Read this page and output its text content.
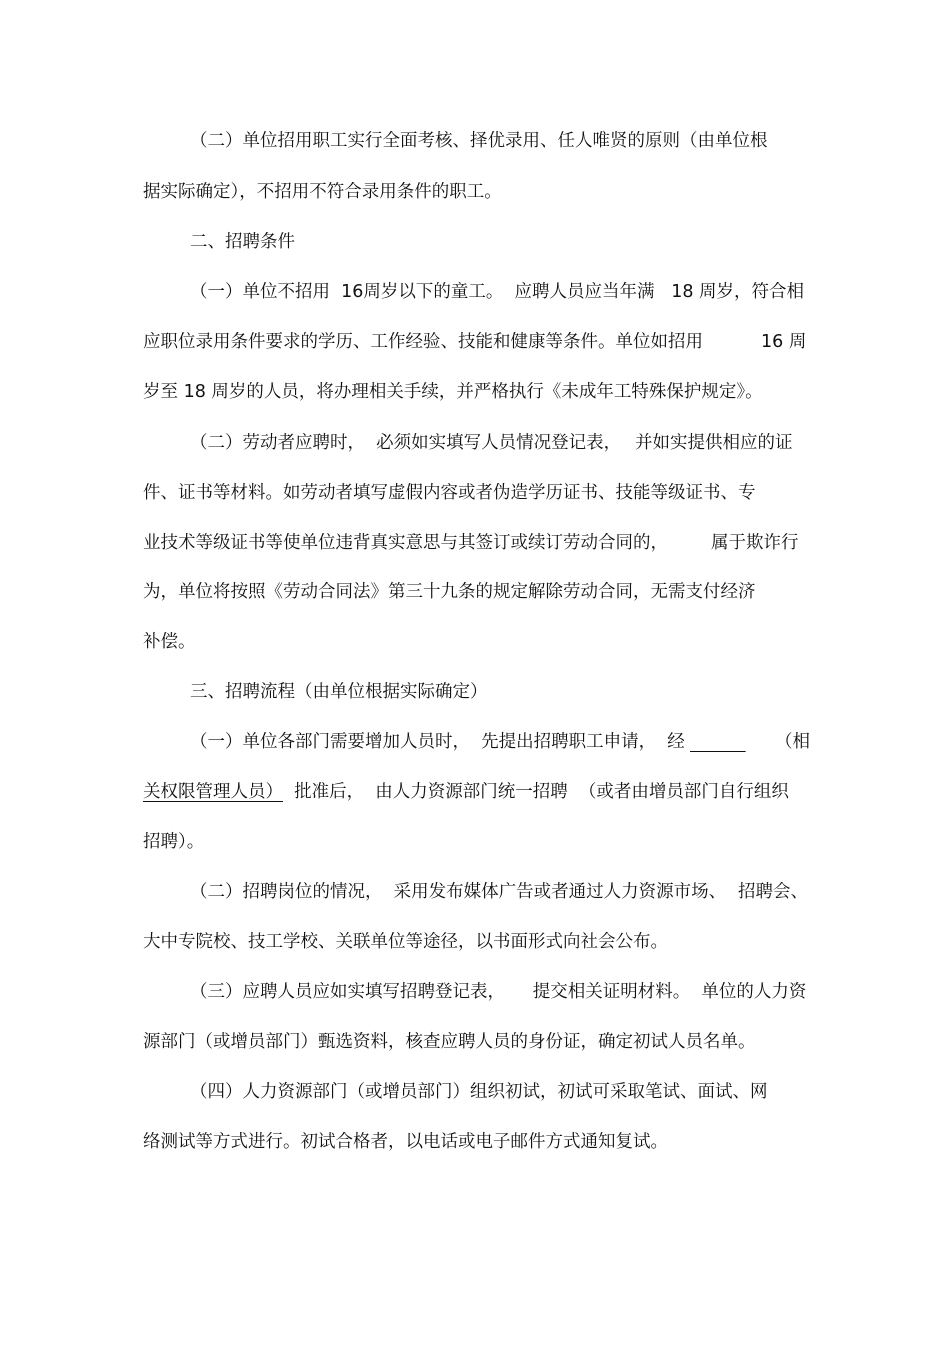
（二）单位招用职工实行全面考核、择优录用、任人唯贤的原则（由单位根
据实际确定），不招用不符合录用条件的职工。
二、招聘条件
（一）单位不招用  16周岁以下的童工。  应聘人员应当年满   18 周岁，符合相
应职位录用条件要求的学历、工作经验、技能和健康等条件。单位如招用	16 周
岁至 18 周岁的人员，将办理相关手续，并严格执行《未成年工特殊保护规定》。
（二）劳动者应聘时，  必须如实填写人员情况登记表， 并如实提供相应的证
件、证书等材料。如劳动者填写虚假内容或者伪造学历证书、技能等级证书、专
业技术等级证书等使单位违背真实意思与其签订或续订劳动合同的， 属于欺诈行
为，单位将按照《劳动合同法》第三十九条的规定解除劳动合同，无需支付经济
补偿。
三、招聘流程（由单位根据实际确定）
（一）单位各部门需要增加人员时，  先提出招聘职工申请，  经
	（相
关权限管理人员） 批准后，  由人力资源部门统一招聘  （或者由增员部门自行组织
招聘）。
（二）招聘岗位的情况，  采用发布媒体广告或者通过人力资源市场、 招聘会、
大中专院校、技工学校、关联单位等途径，以书面形式向社会公布。
（三）应聘人员应如实填写招聘登记表，     提交相关证明材料。  单位的人力资
源部门（或增员部门）甄选资料，核查应聘人员的身份证，确定初试人员名单。
（四）人力资源部门（或增员部门）组织初试，初试可采取笔试、面试、网
络测试等方式进行。初试合格者，以电话或电子邮件方式通知复试。
